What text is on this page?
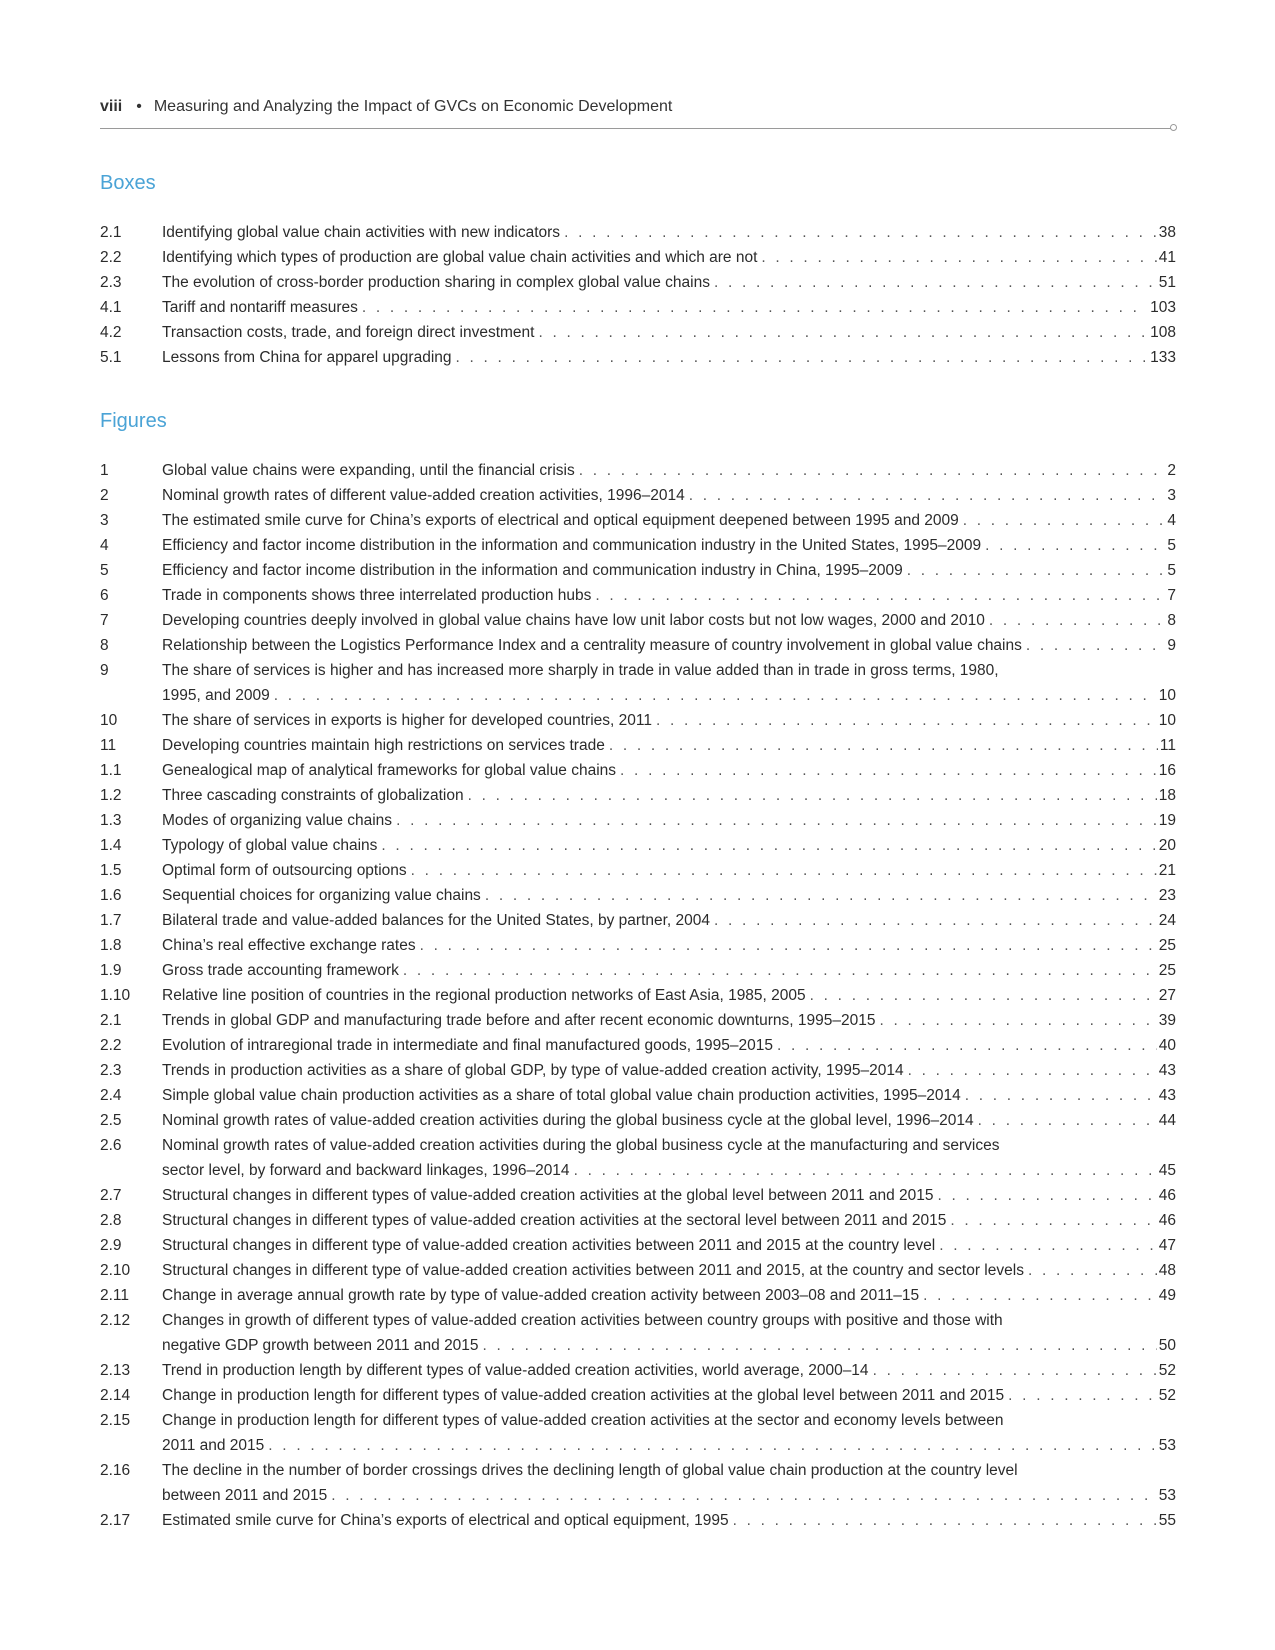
viii • Measuring and Analyzing the Impact of GVCs on Economic Development
Boxes
2.1	Identifying global value chain activities with new indicators . . .	38
2.2	Identifying which types of production are global value chain activities and which are not . . .	41
2.3	The evolution of cross-border production sharing in complex global value chains . . .	51
4.1	Tariff and nontariff measures . . .	103
4.2	Transaction costs, trade, and foreign direct investment . . .	108
5.1	Lessons from China for apparel upgrading . . .	133
Figures
1	Global value chains were expanding, until the financial crisis . . .	2
2	Nominal growth rates of different value-added creation activities, 1996–2014 . . .	3
3	The estimated smile curve for China’s exports of electrical and optical equipment deepened between 1995 and 2009 . . .	4
4	Efficiency and factor income distribution in the information and communication industry in the United States, 1995–2009 . . .	5
5	Efficiency and factor income distribution in the information and communication industry in China, 1995–2009 . . .	5
6	Trade in components shows three interrelated production hubs . . .	7
7	Developing countries deeply involved in global value chains have low unit labor costs but not low wages, 2000 and 2010 . . .	8
8	Relationship between the Logistics Performance Index and a centrality measure of country involvement in global value chains . . .	9
9	The share of services is higher and has increased more sharply in trade in value added than in trade in gross terms, 1980,
1995, and 2009 . . .	10
10	The share of services in exports is higher for developed countries, 2011 . . .	10
11	Developing countries maintain high restrictions on services trade . . .	11
1.1	Genealogical map of analytical frameworks for global value chains . . .	16
1.2	Three cascading constraints of globalization . . .	18
1.3	Modes of organizing value chains . . .	19
1.4	Typology of global value chains . . .	20
1.5	Optimal form of outsourcing options . . .	21
1.6	Sequential choices for organizing value chains . . .	23
1.7	Bilateral trade and value-added balances for the United States, by partner, 2004 . . .	24
1.8	China’s real effective exchange rates . . .	25
1.9	Gross trade accounting framework . . .	25
1.10	Relative line position of countries in the regional production networks of East Asia, 1985, 2005 . . .	27
2.1	Trends in global GDP and manufacturing trade before and after recent economic downturns, 1995–2015 . . .	39
2.2	Evolution of intraregional trade in intermediate and final manufactured goods, 1995–2015 . . .	40
2.3	Trends in production activities as a share of global GDP, by type of value-added creation activity, 1995–2014 . . .	43
2.4	Simple global value chain production activities as a share of total global value chain production activities, 1995–2014 . . .	43
2.5	Nominal growth rates of value-added creation activities during the global business cycle at the global level, 1996–2014 . . .	44
2.6	Nominal growth rates of value-added creation activities during the global business cycle at the manufacturing and services
sector level, by forward and backward linkages, 1996–2014 . . .	45
2.7	Structural changes in different types of value-added creation activities at the global level between 2011 and 2015 . . .	46
2.8	Structural changes in different types of value-added creation activities at the sectoral level between 2011 and 2015 . . .	46
2.9	Structural changes in different type of value-added creation activities between 2011 and 2015 at the country level . . .	47
2.10	Structural changes in different type of value-added creation activities between 2011 and 2015, at the country and sector levels . . .	48
2.11	Change in average annual growth rate by type of value-added creation activity between 2003–08 and 2011–15 . . .	49
2.12	Changes in growth of different types of value-added creation activities between country groups with positive and those with
negative GDP growth between 2011 and 2015 . . .	50
2.13	Trend in production length by different types of value-added creation activities, world average, 2000–14 . . .	52
2.14	Change in production length for different types of value-added creation activities at the global level between 2011 and 2015 . . .	52
2.15	Change in production length for different types of value-added creation activities at the sector and economy levels between
2011 and 2015 . . .	53
2.16	The decline in the number of border crossings drives the declining length of global value chain production at the country level
between 2011 and 2015 . . .	53
2.17	Estimated smile curve for China’s exports of electrical and optical equipment, 1995 . . .	55
